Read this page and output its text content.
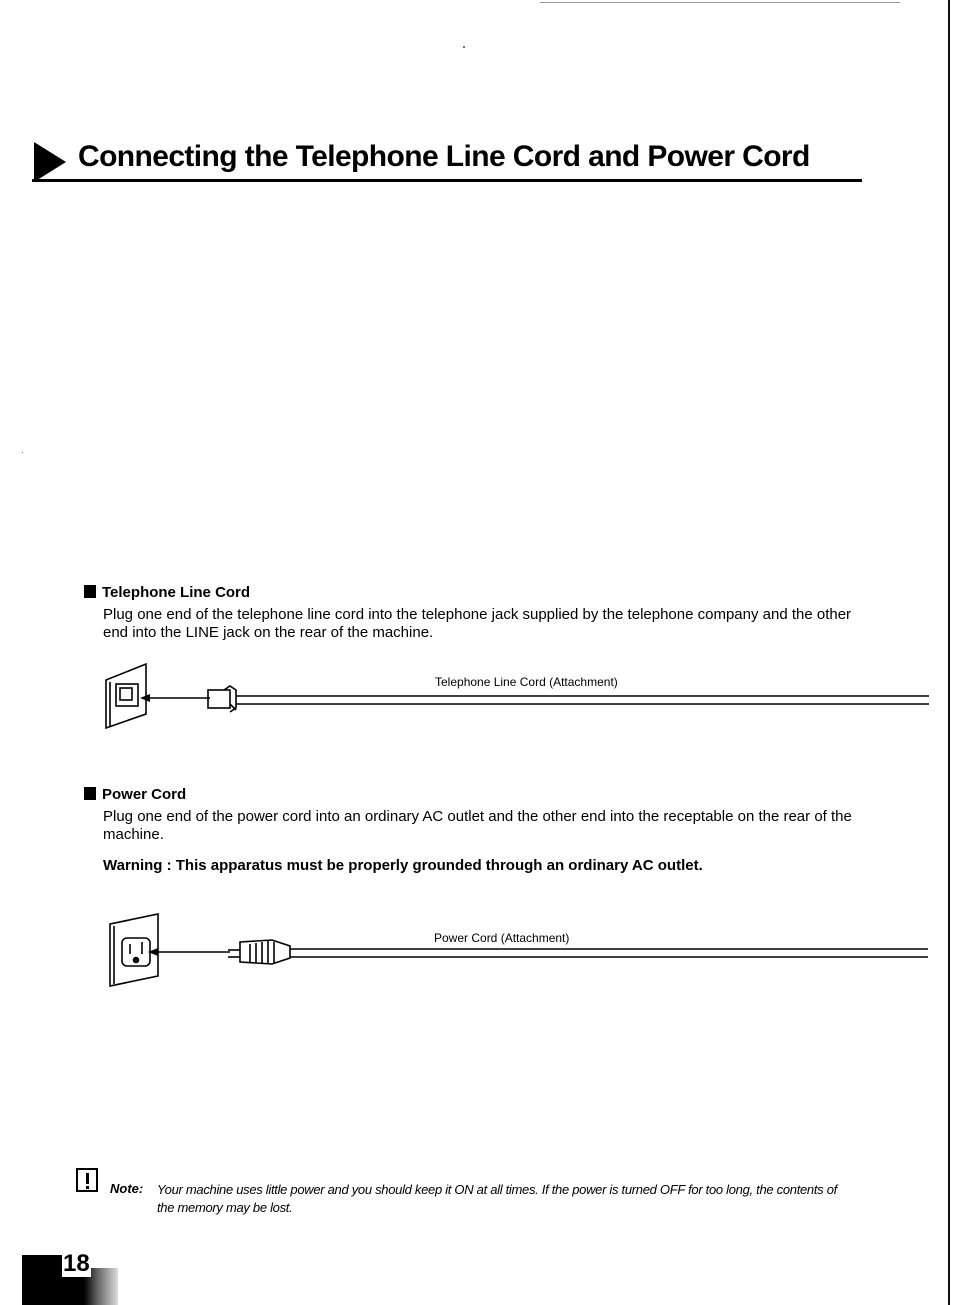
Connecting the Telephone Line Cord and Power Cord
Telephone Line Cord
Plug one end of the telephone line cord into the telephone jack supplied by the telephone company and the other end into the LINE jack on the rear of the machine.
Telephone Line Cord (Attachment)
Power Cord
Plug one end of the power cord into an ordinary AC outlet and the other end into the receptable on the rear of the machine.
Warning : This apparatus must be properly grounded through an ordinary AC outlet.
Power Cord (Attachment)
Note: Your machine uses little power and you should keep it ON at all times. If the power is turned OFF for too long, the contents of the memory may be lost.
18
